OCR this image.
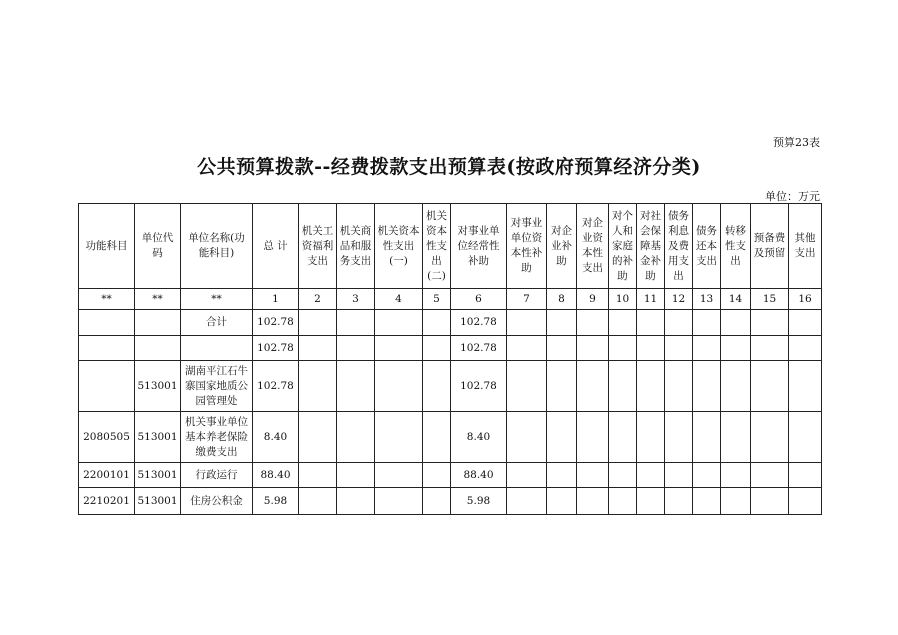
预算23表
公共预算拨款--经费拨款支出预算表(按政府预算经济分类)
单位：万元
功能科目	单位代码	单位名称(功能科目)	总 计	机关工资福利支出	机关商品和服务支出	机关资本性支出(一)	机关资本性支出(二)	对事业单位经常性补助	对事业单位资本性补助	对企业补助	对企业资本性支出	对个人和家庭的补助	对社会保障基金补助	债务利息及费用支出	债务还本支出	转移性支出	预备费及预留	其他支出
**	**	**	1	2	3	4	5	6	7	8	9	10	11	12	13	14	15	16
		合计	102.78					102.78										
			102.78					102.78										
	513001	湖南平江石牛寨国家地质公园管理处	102.78					102.78										
2080505	513001	机关事业单位基本养老保险缴费支出	8.40					8.40										
2200101	513001	行政运行	88.40					88.40										
2210201	513001	住房公积金	5.98					5.98										
